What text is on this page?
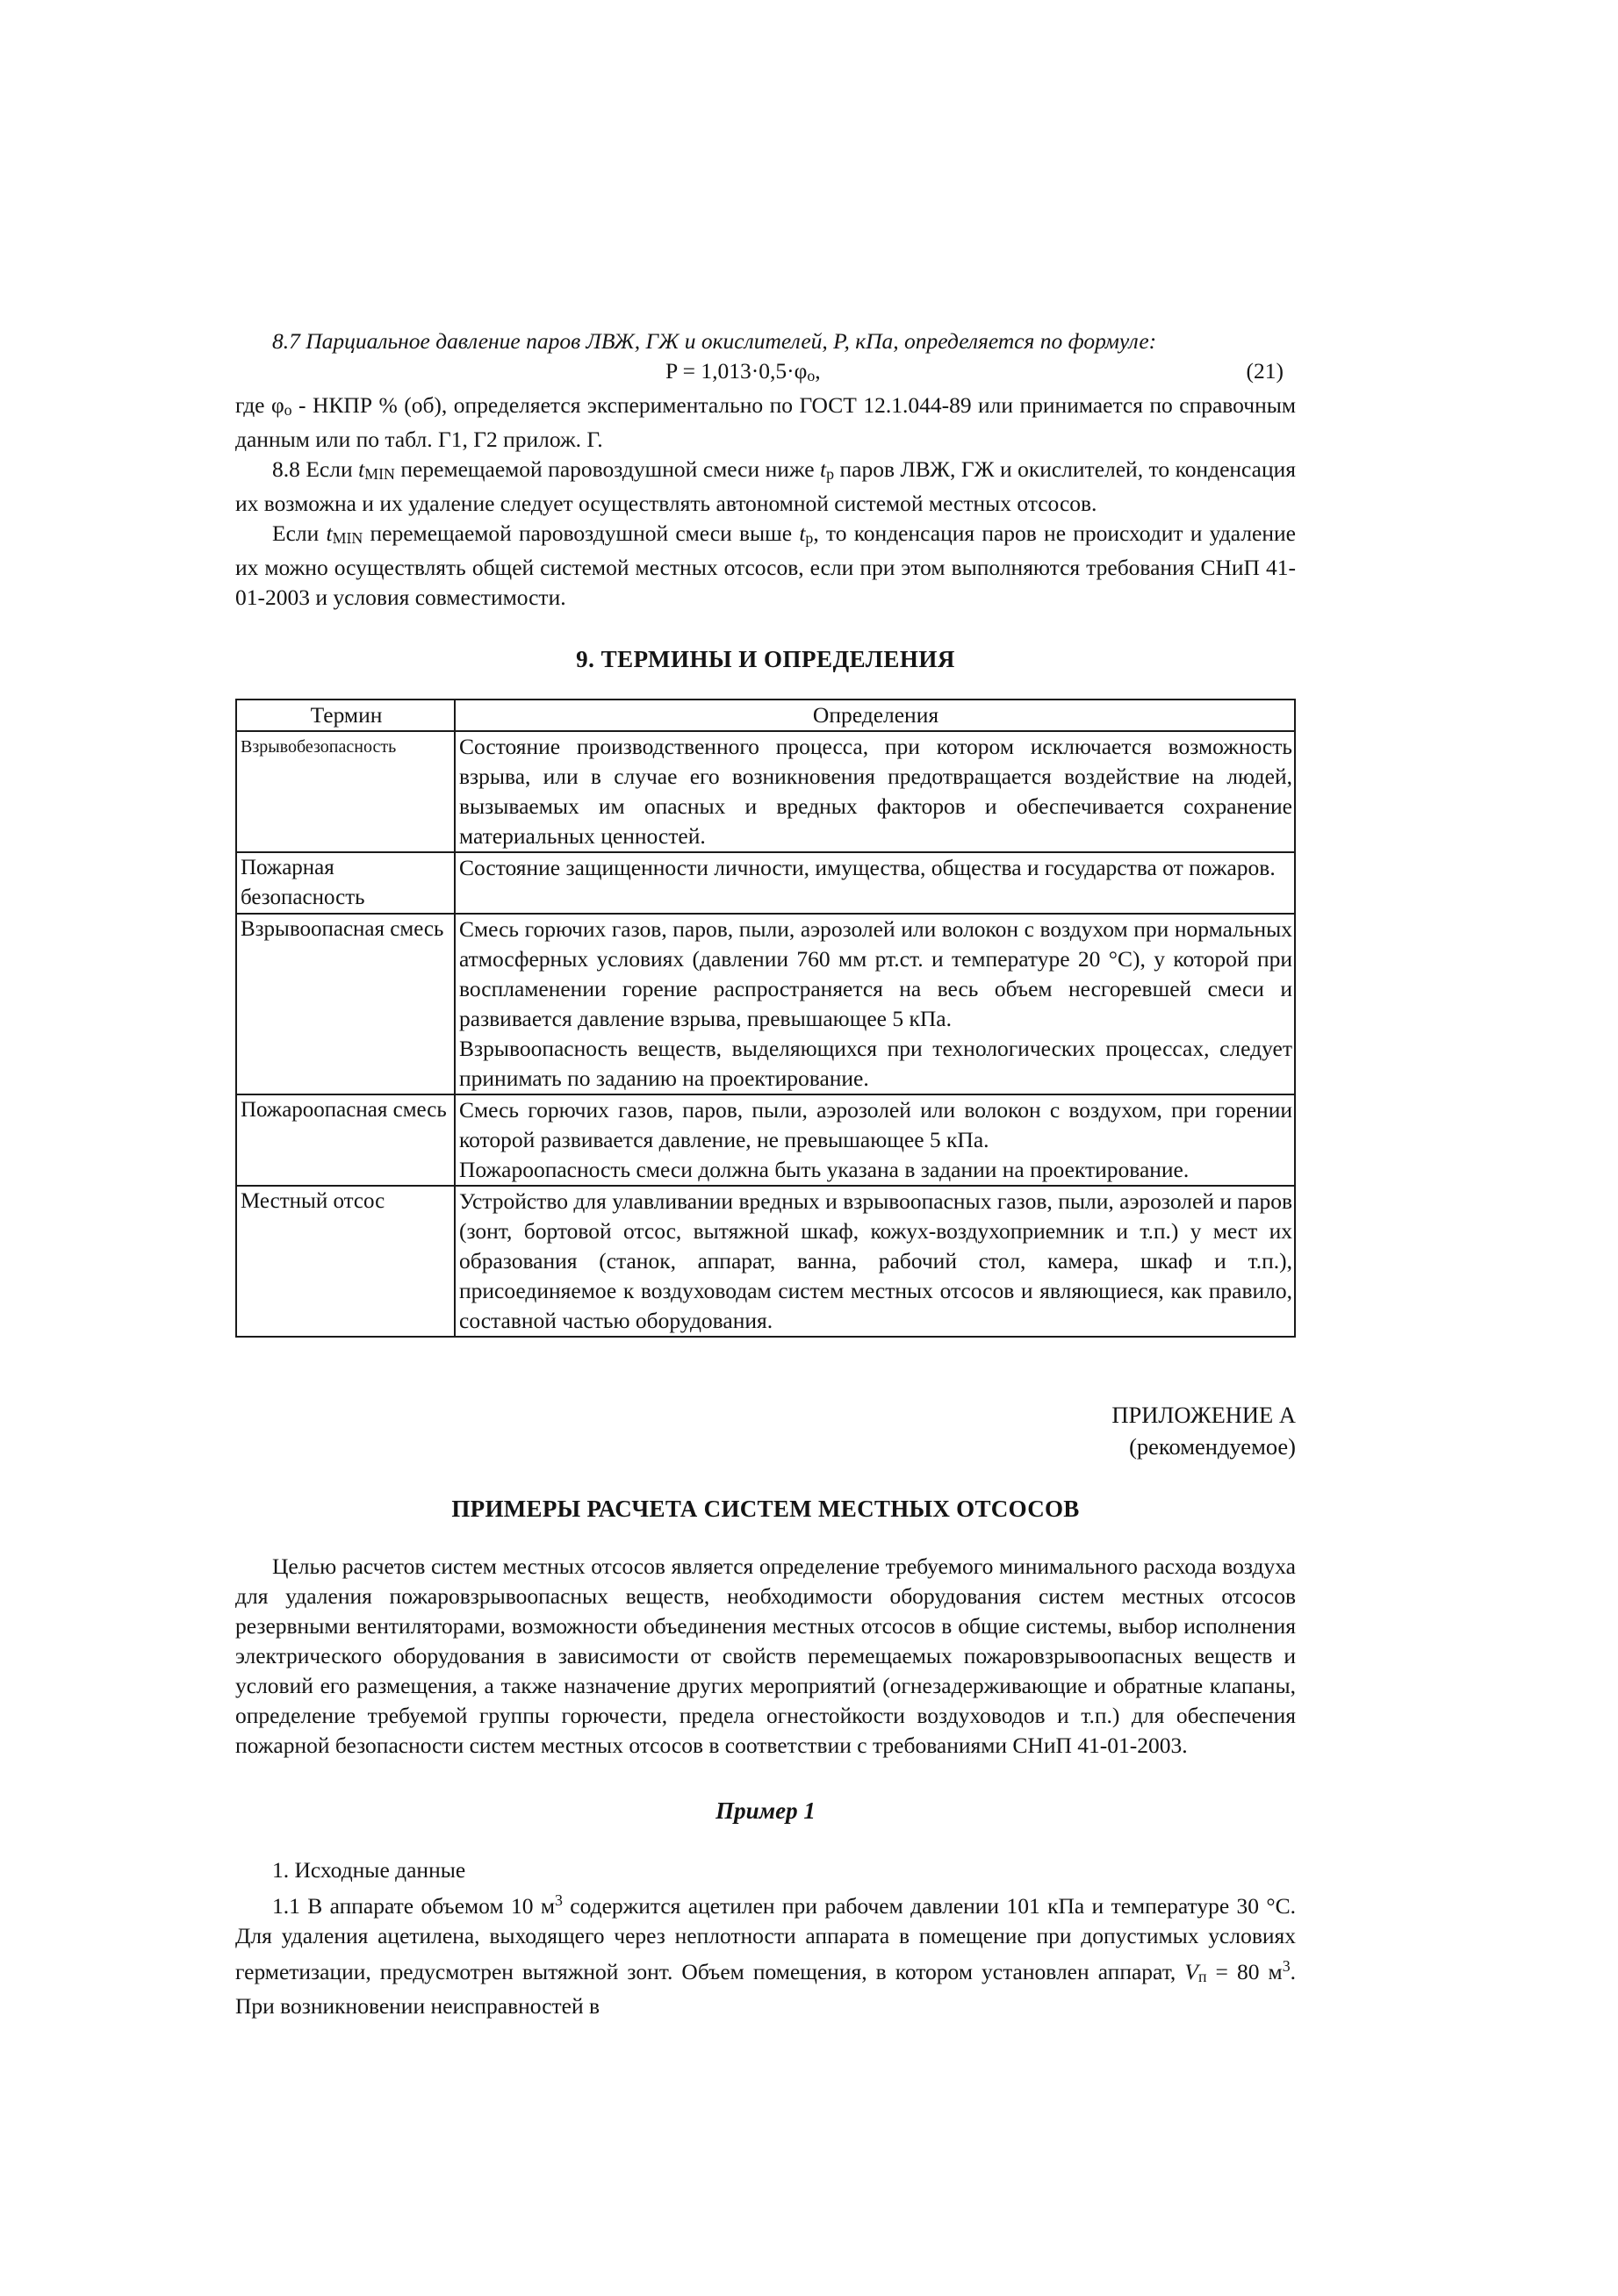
8.7 Парциальное давление паров ЛВЖ, ГЖ и окислителей, P, кПа, определяется по формуле:

P = 1,013·0,5·φo,	(21)

где φo - НКПР % (об), определяется экспериментально по ГОСТ 12.1.044-89 или принимается по справочным данным или по табл. Г1, Г2 прилож. Г.

8.8 Если tMIN перемещаемой паровоздушной смеси ниже tp паров ЛВЖ, ГЖ и окислителей, то конденсация их возможна и их удаление следует осуществлять автономной системой местных отсосов.

Если tMIN перемещаемой паровоздушной смеси выше tp, то конденсация паров не происходит и удаление их можно осуществлять общей системой местных отсосов, если при этом выполняются требования СНиП 41-01-2003 и условия совместимости.

9. ТЕРМИНЫ И ОПРЕДЕЛЕНИЯ
Термин	Определения
Взрывобезопасность	Состояние производственного процесса, при котором исключается возможность взрыва, или в случае его возникновения предотвращается воздействие на людей, вызываемых им опасных и вредных факторов и обеспечивается сохранение материальных ценностей.

Пожарная безопасность	Состояние защищенности личности, имущества, общества и государства от пожаров.

Взрывоопасная смесь	Смесь горючих газов, паров, пыли, аэрозолей или волокон с воздухом при нормальных атмосферных условиях (давлении 760 мм рт.ст. и температуре 20 °С), у которой при воспламенении горение распространяется на весь объем несгоревшей смеси и развивается давление взрыва, превышающее 5 кПа.

Взрывоопасность веществ, выделяющихся при технологических процессах, следует принимать по заданию на проектирование.

Пожароопасная смесь	Смесь горючих газов, паров, пыли, аэрозолей или волокон с воздухом, при горении которой развивается давление, не превышающее 5 кПа.

Пожароопасность смеси должна быть указана в задании на проектирование.

Местный отсос	Устройство для улавливании вредных и взрывоопасных газов, пыли, аэрозолей и паров (зонт, бортовой отсос, вытяжной шкаф, кожух-воздухоприемник и т.п.) у мест их образования (станок, аппарат, ванна, рабочий стол, камера, шкаф и т.п.), присоединяемое к воздуховодам систем местных отсосов и являющиеся, как правило, составной частью оборудования.

ПРИЛОЖЕНИЕ А
(рекомендуемое)
ПРИМЕРЫ РАСЧЕТА СИСТЕМ МЕСТНЫХ ОТСОСОВ

Целью расчетов систем местных отсосов является определение требуемого минимального расхода воздуха для удаления пожаровзрывоопасных веществ, необходимости оборудования систем местных отсосов резервными вентиляторами, возможности объединения местных отсосов в общие системы, выбор исполнения электрического оборудования в зависимости от свойств перемещаемых пожаровзрывоопасных веществ и условий его размещения, а также назначение других мероприятий (огнезадерживающие и обратные клапаны, определение требуемой группы горючести, предела огнестойкости воздуховодов и т.п.) для обеспечения пожарной безопасности систем местных отсосов в соответствии с требованиями СНиП 41-01-2003.

Пример 1

1. Исходные данные

1.1 В аппарате объемом 10 $м^3$ содержится ацетилен при рабочем давлении 101 кПа и температуре 30 °С. Для удаления ацетилена, выходящего через неплотности аппарата в помещение при допустимых условиях герметизации, предусмотрен вытяжной зонт. Объем помещения, в котором установлен аппарат, Vп = 80 $м^3$. При возникновении неисправностей в
